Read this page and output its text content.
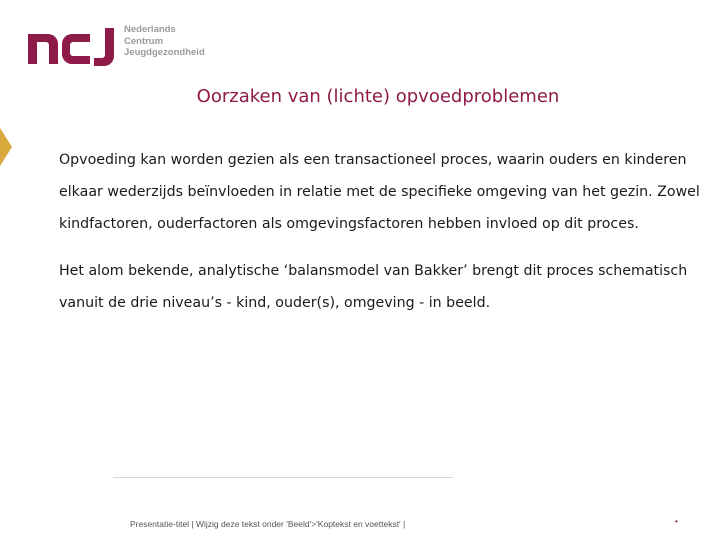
Nederlands
Centrum
Jeugdgezondheid
Oorzaken van (lichte) opvoedproblemen

Opvoeding kan worden gezien als een transactioneel proces, waarin ouders en kinderen elkaar wederzijds beïnvloeden in relatie met de specifieke omgeving van het gezin. Zowel kindfactoren, ouderfactoren als omgevingsfactoren hebben invloed op dit proces.

Het alom bekende, analytische ‘balansmodel van Bakker’ brengt dit proces schematisch vanuit de drie niveau’s - kind, ouder(s), omgeving - in beeld.

Presentatie-titel | Wijzig deze tekst onder 'Beeld'>'Koptekst en voettekst' |	•
